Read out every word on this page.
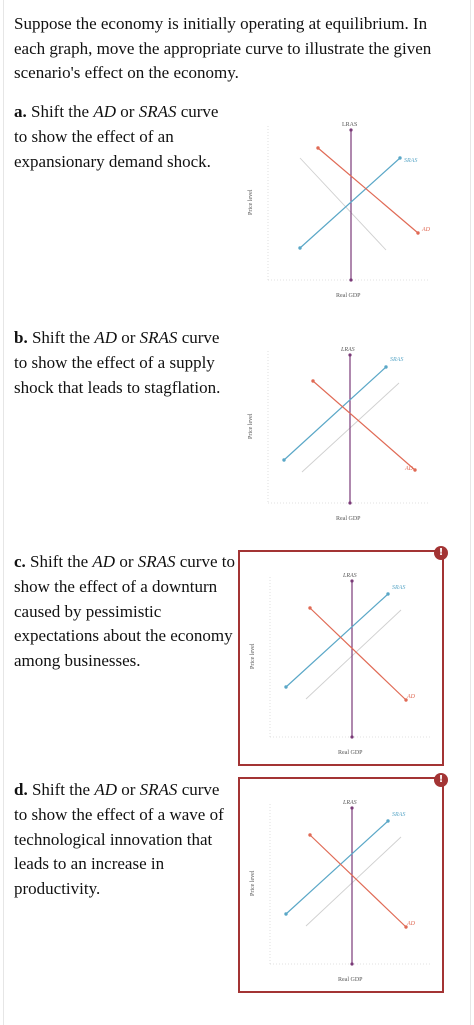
Suppose the economy is initially operating at equilibrium. In each graph, move the appropriate curve to illustrate the given scenario's effect on the economy.

a. Shift the AD or SRAS curve to show the effect of an expansionary demand shock.

b. Shift the AD or SRAS curve to show the effect of a supply shock that leads to stagflation.

c. Shift the AD or SRAS curve to show the effect of a downturn caused by pessimistic expectations about the economy among businesses.

d. Shift the AD or SRAS curve to show the effect of a wave of technological innovation that leads to an increase in productivity.

Price level
Real GDP
LRAS
SRAS
AD
Price level
Real GDP
LRAS
SRAS
AD
Price level
Real GDP
LRAS
SRAS
AD
!
Price level
Real GDP
LRAS
SRAS
AD
!
